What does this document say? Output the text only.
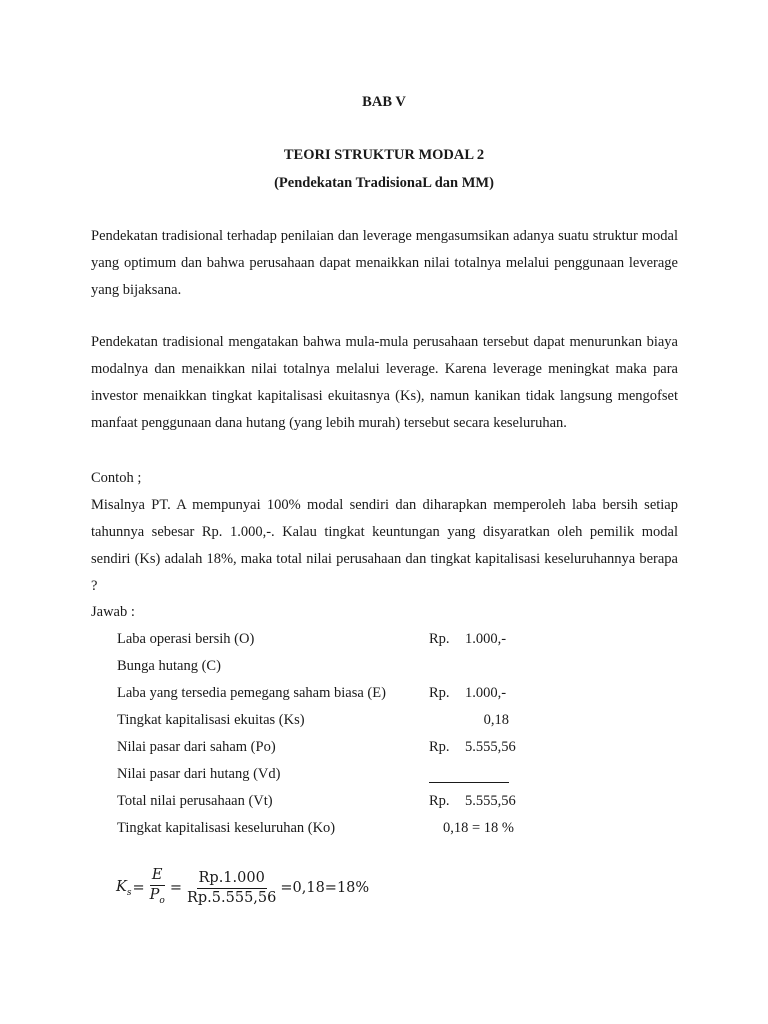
BAB V
TEORI STRUKTUR MODAL 2
(Pendekatan TradisionaL dan MM)

Pendekatan tradisional terhadap penilaian dan leverage mengasumsikan adanya suatu struktur modal yang optimum dan bahwa perusahaan dapat menaikkan nilai totalnya melalui penggunaan leverage yang bijaksana.

Pendekatan tradisional mengatakan bahwa mula-mula perusahaan tersebut dapat menurunkan biaya modalnya dan menaikkan nilai totalnya melalui leverage. Karena leverage meningkat maka para investor menaikkan tingkat kapitalisasi ekuitasnya (Ks), namun kanikan tidak langsung mengofset manfaat penggunaan dana hutang (yang lebih murah) tersebut secara keseluruhan.

Contoh ;

Misalnya PT. A mempunyai 100% modal sendiri dan diharapkan memperoleh laba bersih setiap tahunnya sebesar Rp. 1.000,-. Kalau tingkat keuntungan yang disyaratkan oleh pemilik modal sendiri (Ks) adalah 18%, maka total nilai perusahaan dan tingkat kapitalisasi keseluruhannya berapa ?

Jawab :
Laba operasi bersih (O)	Rp. 1.000,-
Bunga hutang (C)
Laba yang tersedia pemegang saham biasa (E)	Rp. 1.000,-
Tingkat kapitalisasi ekuitas (Ks)	0,18
Nilai pasar dari saham (Po)	Rp. 5.555,56
Nilai pasar dari hutang (Vd)
Total nilai perusahaan (Vt)	Rp. 5.555,56
Tingkat kapitalisasi keseluruhan (Ko)	0,18 = 18 %
$K_s = \frac{E}{P_o} = \frac{Rp.1.000}{Rp.5.555,56} =0,18=18\%$
